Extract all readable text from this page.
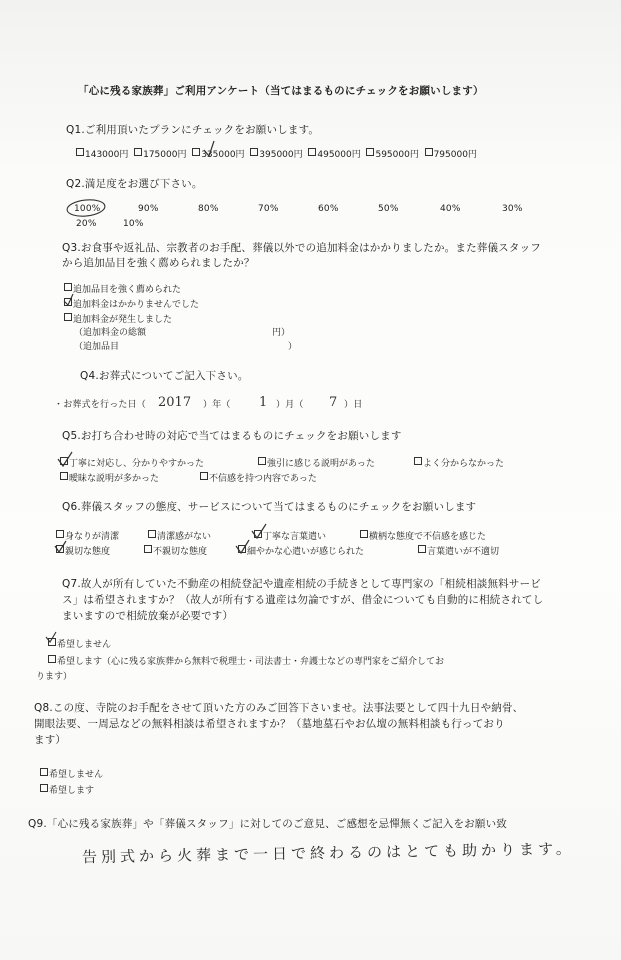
「心に残る家族葬」ご利用アンケート（当てはまるものにチェックをお願いします）
Q1.ご利用頂いたプランにチェックをお願いします。
143000円 175000円 335000円 395000円 495000円 595000円 795000円
Q2.満足度をお選び下さい。
100%	90%	80%	70%	60%	50%	40%	30%
20%	10%
Q3.お食事や返礼品、宗教者のお手配、葬儀以外での追加料金はかかりましたか。また葬儀スタッフ
から追加品目を強く薦められましたか？
追加品目を強く薦められた
追加料金はかかりませんでした
追加料金が発生しました
（追加料金の総額	円）
（追加品目	）
Q4.お葬式についてご記入下さい。
・お葬式を行った日（ 2017 ）年（ 1 ）月（ 7 ）日
Q5.お打ち合わせ時の対応で当てはまるものにチェックをお願いします
丁寧に対応し、分かりやすかった	強引に感じる説明があった	よく分からなかった
曖昧な説明が多かった	不信感を持つ内容であった
Q6.葬儀スタッフの態度、サービスについて当てはまるものにチェックをお願いします
身なりが清潔	清潔感がない	丁寧な言葉遣い	横柄な態度で不信感を感じた
親切な態度	不親切な態度	細やかな心遣いが感じられた	言葉遣いが不適切
Q7.故人が所有していた不動産の相続登記や遺産相続の手続きとして専門家の「相続相談無料サービ
ス」は希望されますか？（故人が所有する遺産は勿論ですが、借金についても自動的に相続されてし
まいますので相続放棄が必要です）
希望しません
希望します（心に残る家族葬から無料で税理士・司法書士・弁護士などの専門家をご紹介してお
ります）
Q8.この度、寺院のお手配をさせて頂いた方のみご回答下さいませ。法事法要として四十九日や納骨、
開眼法要、一周忌などの無料相談は希望されますか？（墓地墓石やお仏壇の無料相談も行っており
ます）
希望しません
希望します
Q9.「心に残る家族葬」や「葬儀スタッフ」に対してのご意見、ご感想を忌憚無くご記入をお願い致
告別式から火葬まで一日で終わるのはとても助かります。
